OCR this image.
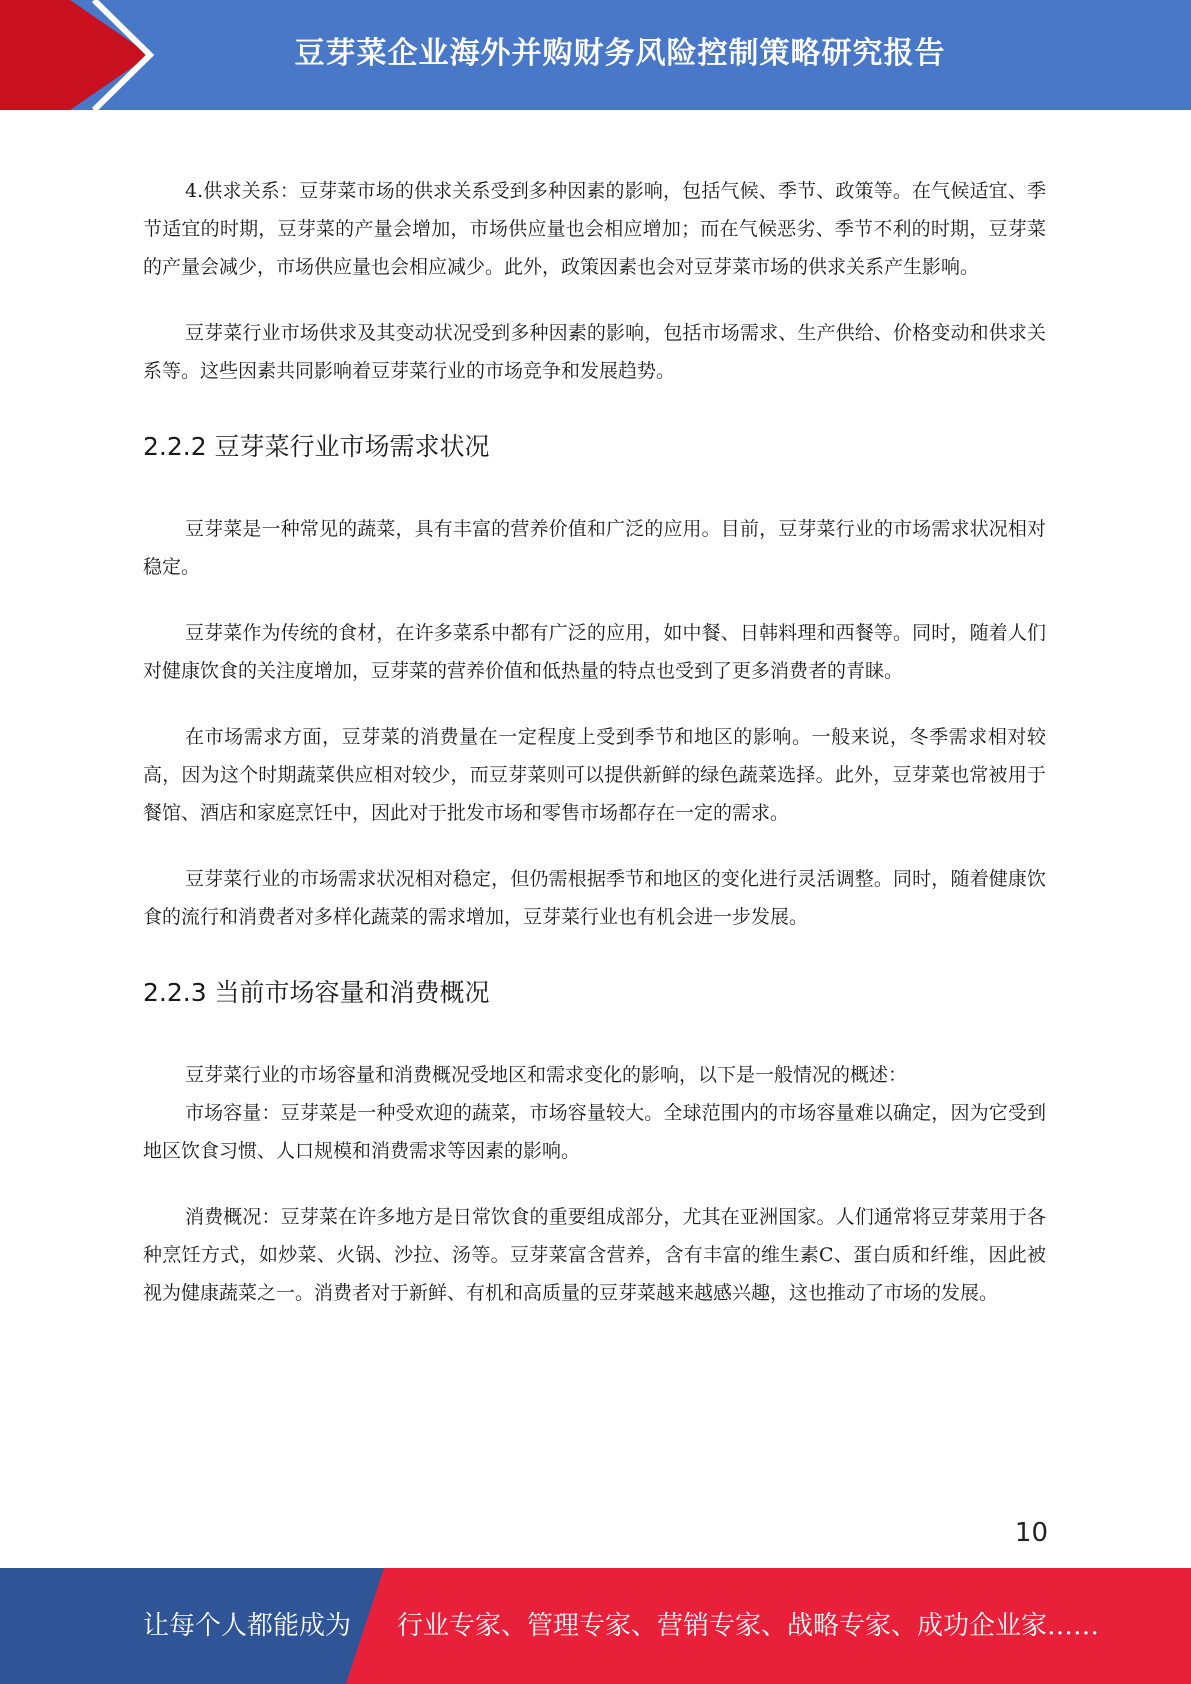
豆芽菜企业海外并购财务风险控制策略研究报告

4.供求关系：豆芽菜市场的供求关系受到多种因素的影响，包括气候、季节、政策等。在气候适宜、季节适宜的时期，豆芽菜的产量会增加，市场供应量也会相应增加；而在气候恶劣、季节不利的时期，豆芽菜的产量会减少，市场供应量也会相应减少。此外，政策因素也会对豆芽菜市场的供求关系产生影响。

豆芽菜行业市场供求及其变动状况受到多种因素的影响，包括市场需求、生产供给、价格变动和供求关系等。这些因素共同影响着豆芽菜行业的市场竞争和发展趋势。

2.2.2 豆芽菜行业市场需求状况

豆芽菜是一种常见的蔬菜，具有丰富的营养价值和广泛的应用。目前，豆芽菜行业的市场需求状况相对稳定。

豆芽菜作为传统的食材，在许多菜系中都有广泛的应用，如中餐、日韩料理和西餐等。同时，随着人们对健康饮食的关注度增加，豆芽菜的营养价值和低热量的特点也受到了更多消费者的青睐。

在市场需求方面，豆芽菜的消费量在一定程度上受到季节和地区的影响。一般来说，冬季需求相对较高，因为这个时期蔬菜供应相对较少，而豆芽菜则可以提供新鲜的绿色蔬菜选择。此外，豆芽菜也常被用于餐馆、酒店和家庭烹饪中，因此对于批发市场和零售市场都存在一定的需求。

豆芽菜行业的市场需求状况相对稳定，但仍需根据季节和地区的变化进行灵活调整。同时，随着健康饮食的流行和消费者对多样化蔬菜的需求增加，豆芽菜行业也有机会进一步发展。

2.2.3 当前市场容量和消费概况

豆芽菜行业的市场容量和消费概况受地区和需求变化的影响，以下是一般情况的概述：

市场容量：豆芽菜是一种受欢迎的蔬菜，市场容量较大。全球范围内的市场容量难以确定，因为它受到地区饮食习惯、人口规模和消费需求等因素的影响。

消费概况：豆芽菜在许多地方是日常饮食的重要组成部分，尤其在亚洲国家。人们通常将豆芽菜用于各种烹饪方式，如炒菜、火锅、沙拉、汤等。豆芽菜富含营养，含有丰富的维生素C、蛋白质和纤维，因此被视为健康蔬菜之一。消费者对于新鲜、有机和高质量的豆芽菜越来越感兴趣，这也推动了市场的发展。

10
让每个人都能成为 行业专家、管理专家、营销专家、战略专家、成功企业家……
